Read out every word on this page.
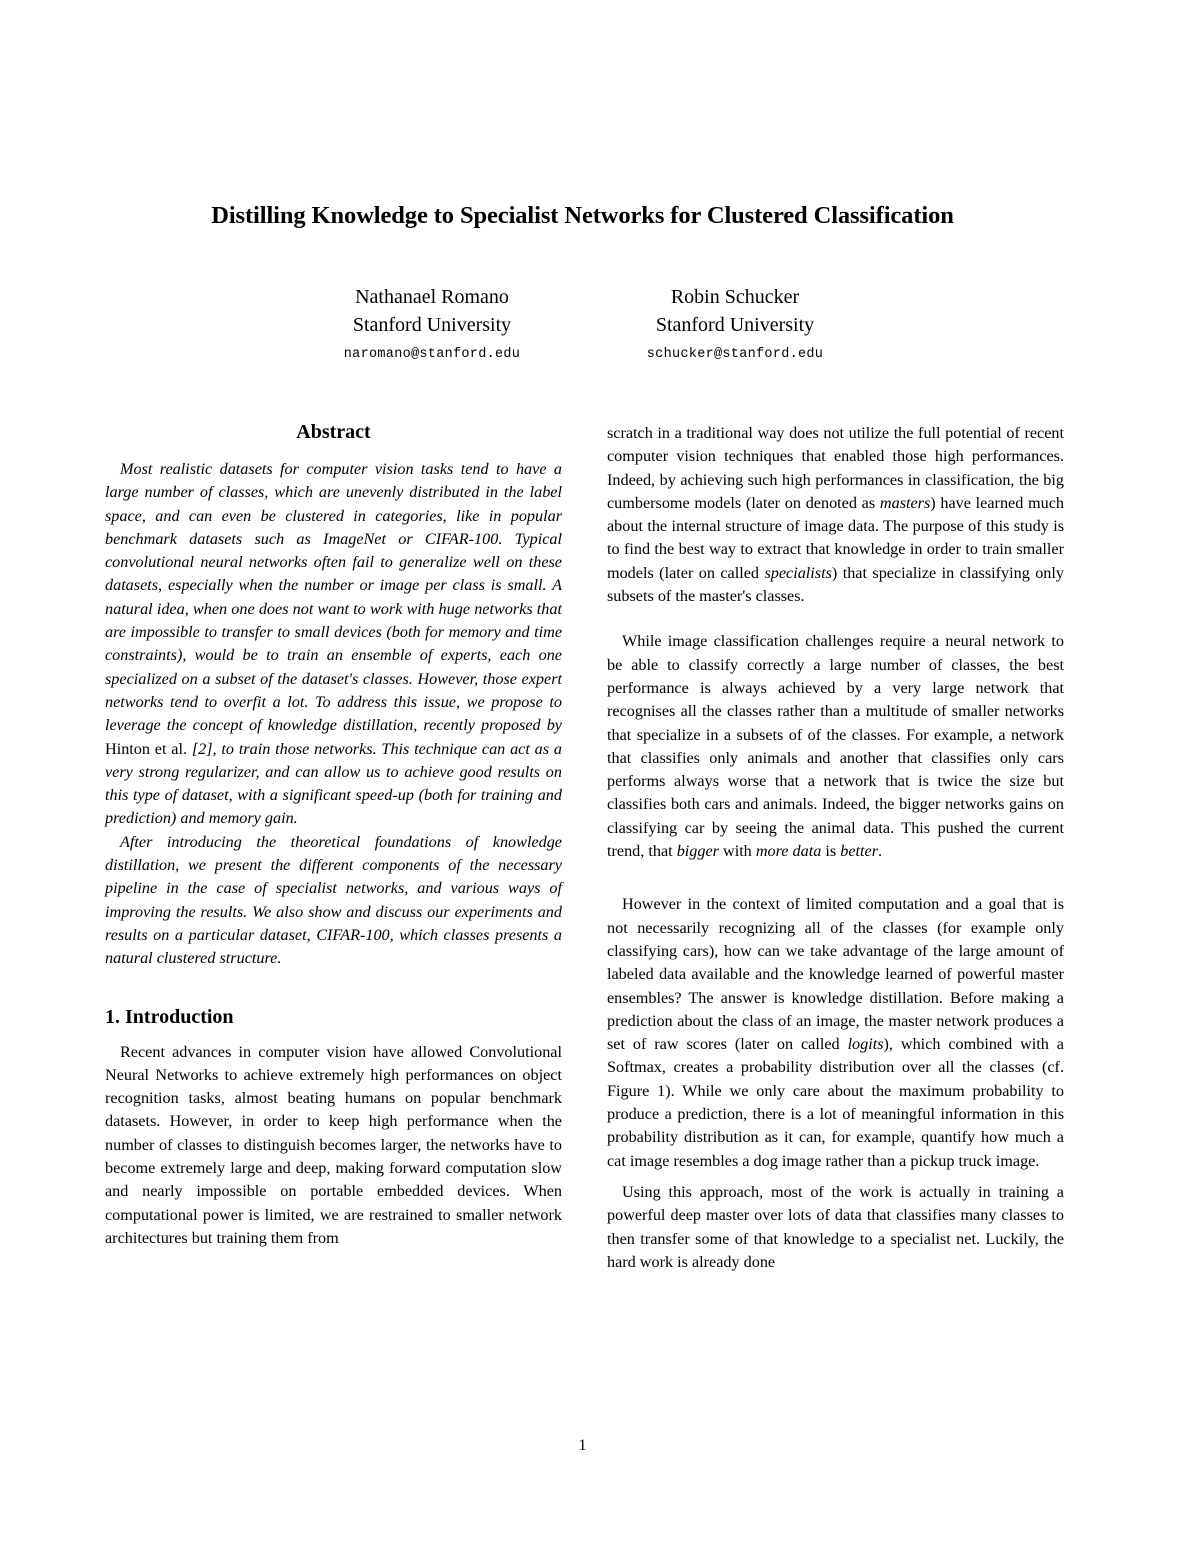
Distilling Knowledge to Specialist Networks for Clustered Classification
Nathanael Romano
Stanford University
naromano@stanford.edu
Robin Schucker
Stanford University
schucker@stanford.edu
Abstract

Most realistic datasets for computer vision tasks tend to have a large number of classes, which are unevenly distributed in the label space, and can even be clustered in categories, like in popular benchmark datasets such as ImageNet or CIFAR-100. Typical convolutional neural networks often fail to generalize well on these datasets, especially when the number or image per class is small. A natural idea, when one does not want to work with huge networks that are impossible to transfer to small devices (both for memory and time constraints), would be to train an ensemble of experts, each one specialized on a subset of the dataset's classes. However, those expert networks tend to overfit a lot. To address this issue, we propose to leverage the concept of knowledge distillation, recently proposed by Hinton et al. [2], to train those networks. This technique can act as a very strong regularizer, and can allow us to achieve good results on this type of dataset, with a significant speed-up (both for training and prediction) and memory gain.

After introducing the theoretical foundations of knowledge distillation, we present the different components of the necessary pipeline in the case of specialist networks, and various ways of improving the results. We also show and discuss our experiments and results on a particular dataset, CIFAR-100, which classes presents a natural clustered structure.

1. Introduction

Recent advances in computer vision have allowed Convolutional Neural Networks to achieve extremely high performances on object recognition tasks, almost beating humans on popular benchmark datasets. However, in order to keep high performance when the number of classes to distinguish becomes larger, the networks have to become extremely large and deep, making forward computation slow and nearly impossible on portable embedded devices. When computational power is limited, we are restrained to smaller network architectures but training them from

scratch in a traditional way does not utilize the full potential of recent computer vision techniques that enabled those high performances. Indeed, by achieving such high performances in classification, the big cumbersome models (later on denoted as masters) have learned much about the internal structure of image data. The purpose of this study is to find the best way to extract that knowledge in order to train smaller models (later on called specialists) that specialize in classifying only subsets of the master's classes.

While image classification challenges require a neural network to be able to classify correctly a large number of classes, the best performance is always achieved by a very large network that recognises all the classes rather than a multitude of smaller networks that specialize in a subsets of of the classes. For example, a network that classifies only animals and another that classifies only cars performs always worse that a network that is twice the size but classifies both cars and animals. Indeed, the bigger networks gains on classifying car by seeing the animal data. This pushed the current trend, that bigger with more data is better.

However in the context of limited computation and a goal that is not necessarily recognizing all of the classes (for example only classifying cars), how can we take advantage of the large amount of labeled data available and the knowledge learned of powerful master ensembles? The answer is knowledge distillation. Before making a prediction about the class of an image, the master network produces a set of raw scores (later on called logits), which combined with a Softmax, creates a probability distribution over all the classes (cf. Figure 1). While we only care about the maximum probability to produce a prediction, there is a lot of meaningful information in this probability distribution as it can, for example, quantify how much a cat image resembles a dog image rather than a pickup truck image.

Using this approach, most of the work is actually in training a powerful deep master over lots of data that classifies many classes to then transfer some of that knowledge to a specialist net. Luckily, the hard work is already done

1
